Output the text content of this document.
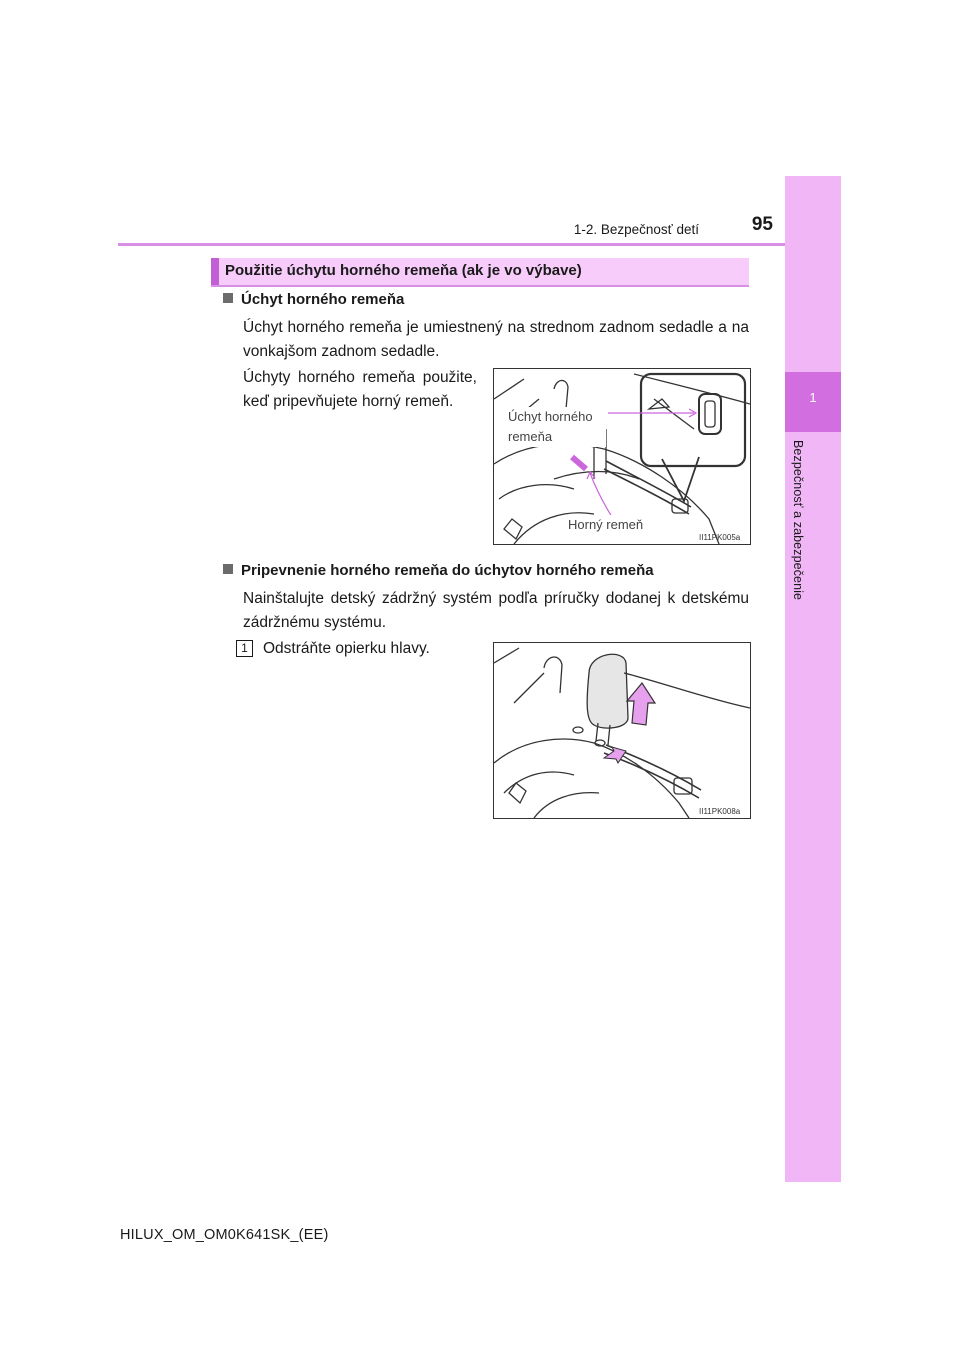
1
Bezpečnosť a zabezpečenie
1-2. Bezpečnosť detí	95
Použitie úchytu horného remeňa (ak je vo výbave)
Úchyt horného remeňa
Úchyt horného remeňa je umiestnený na strednom zadnom sedadle a na vonkajšom zadnom sedadle.
Úchyty horného remeňa použite, keď pripevňujete horný remeň.
Úchyt horného
remeňa
Horný remeň
II11PK005a
Pripevnenie horného remeňa do úchytov horného remeňa
Nainštalujte detský zádržný systém podľa príručky dodanej k detskému zádržnému systému.
1 Odstráňte opierku hlavy.
II11PK008a
HILUX_OM_OM0K641SK_(EE)
